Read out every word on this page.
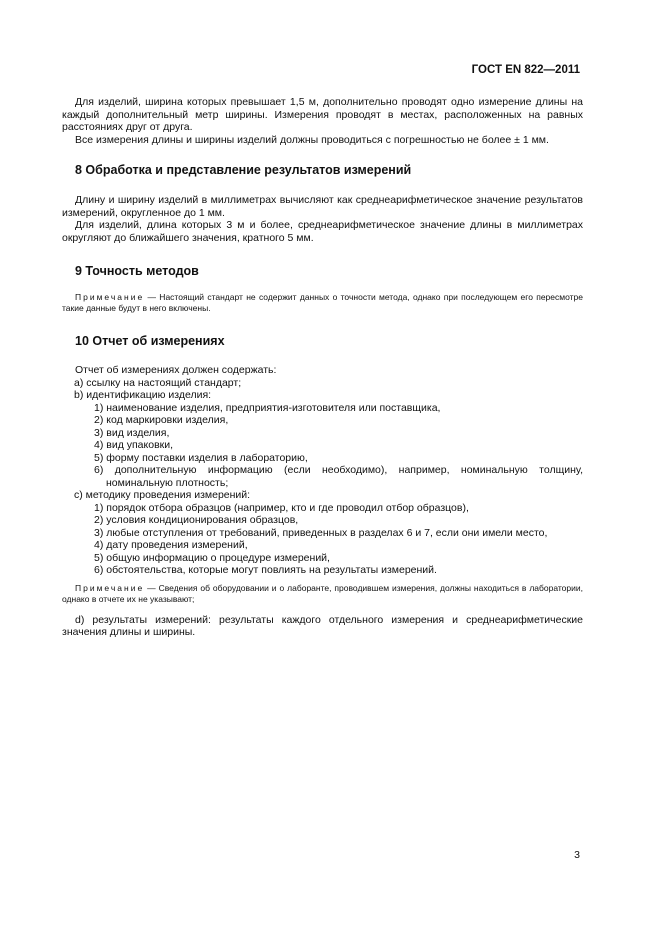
ГОСТ EN 822—2011

Для изделий, ширина которых превышает 1,5 м, дополнительно проводят одно измерение длины на каждый дополнительный метр ширины. Измерения проводят в местах, расположенных на равных расстояниях друг от друга.

Все измерения длины и ширины изделий должны проводиться с погрешностью не более ± 1 мм.

8 Обработка и представление результатов измерений

Длину и ширину изделий в миллиметрах вычисляют как среднеарифметическое значение результатов измерений, округленное до 1 мм.

Для изделий, длина которых 3 м и более, среднеарифметическое значение длины в миллиметрах округляют до ближайшего значения, кратного 5 мм.

9 Точность методов

Примечание — Настоящий стандарт не содержит данных о точности метода, однако при последующем его пересмотре такие данные будут в него включены.

10 Отчет об измерениях

Отчет об измерениях должен содержать:

а) ссылку на настоящий стандарт;

b) идентификацию изделия:

1) наименование изделия, предприятия-изготовителя или поставщика,

2) код маркировки изделия,

3) вид изделия,

4) вид упаковки,

5) форму поставки изделия в лабораторию,

6) дополнительную информацию (если необходимо), например, номинальную толщину,

номинальную плотность;

с) методику проведения измерений:

1) порядок отбора образцов (например, кто и где проводил отбор образцов),

2) условия кондиционирования образцов,

3) любые отступления от требований, приведенных в разделах 6 и 7, если они имели место,

4) дату проведения измерений,

5) общую информацию о процедуре измерений,

6) обстоятельства, которые могут повлиять на результаты измерений.

Примечание — Сведения об оборудовании и о лаборанте, проводившем измерения, должны находиться в лаборатории, однако в отчете их не указывают;

d) результаты измерений: результаты каждого отдельного измерения и среднеарифметические значения длины и ширины.

3
